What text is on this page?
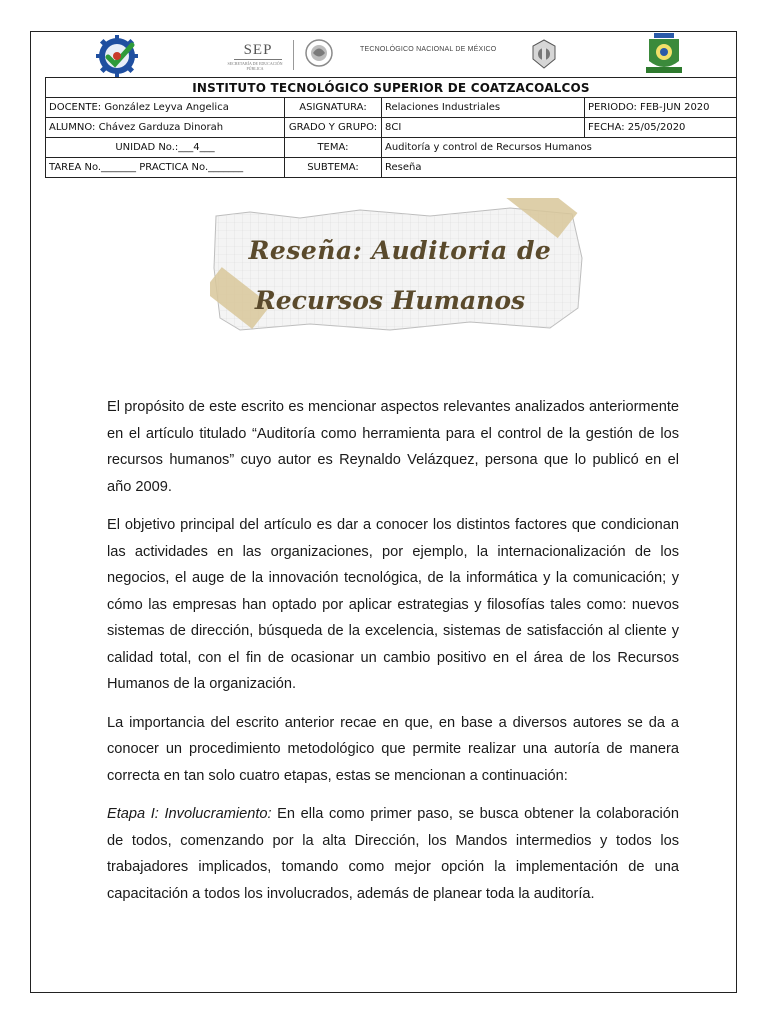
SEP
SECRETARÍA DE EDUCACIÓN PÚBLICA
TECNOLÓGICO NACIONAL DE MÉXICO
INSTITUTO TECNOLÓGICO SUPERIOR DE COATZACOALCOS			
DOCENTE: González Leyva Angelica	ASIGNATURA:	Relaciones Industriales	PERIODO: FEB-JUN 2020
ALUMNO: Chávez Garduza Dinorah	GRADO Y GRUPO:	8CI	FECHA: 25/05/2020
UNIDAD No.:___4___	TEMA:	Auditoría y control de Recursos Humanos	
TAREA No._______ PRACTICA No._______	SUBTEMA:	Reseña	
Reseña: Auditoria de
Recursos Humanos

El propósito de este escrito es mencionar aspectos relevantes analizados anteriormente en el artículo titulado “Auditoría como herramienta para el control de la gestión de los recursos humanos” cuyo autor es Reynaldo Velázquez, persona que lo publicó en el año 2009.

El objetivo principal del artículo es dar a conocer los distintos factores que condicionan las actividades en las organizaciones, por ejemplo, la internacionalización de los negocios, el auge de la innovación tecnológica, de la informática y la comunicación; y cómo las empresas han optado por aplicar estrategias y filosofías tales como: nuevos sistemas de dirección, búsqueda de la excelencia, sistemas de satisfacción al cliente y calidad total, con el fin de ocasionar un cambio positivo en el área de los Recursos Humanos de la organización.

La importancia del escrito anterior recae en que, en base a diversos autores se da a conocer un procedimiento metodológico que permite realizar una autoría de manera correcta en tan solo cuatro etapas, estas se mencionan a continuación:

Etapa I: Involucramiento: En ella como primer paso, se busca obtener la colaboración de todos, comenzando por la alta Dirección, los Mandos intermedios y todos los trabajadores implicados, tomando como mejor opción la implementación de una capacitación a todos los involucrados, además de planear toda la auditoría.
